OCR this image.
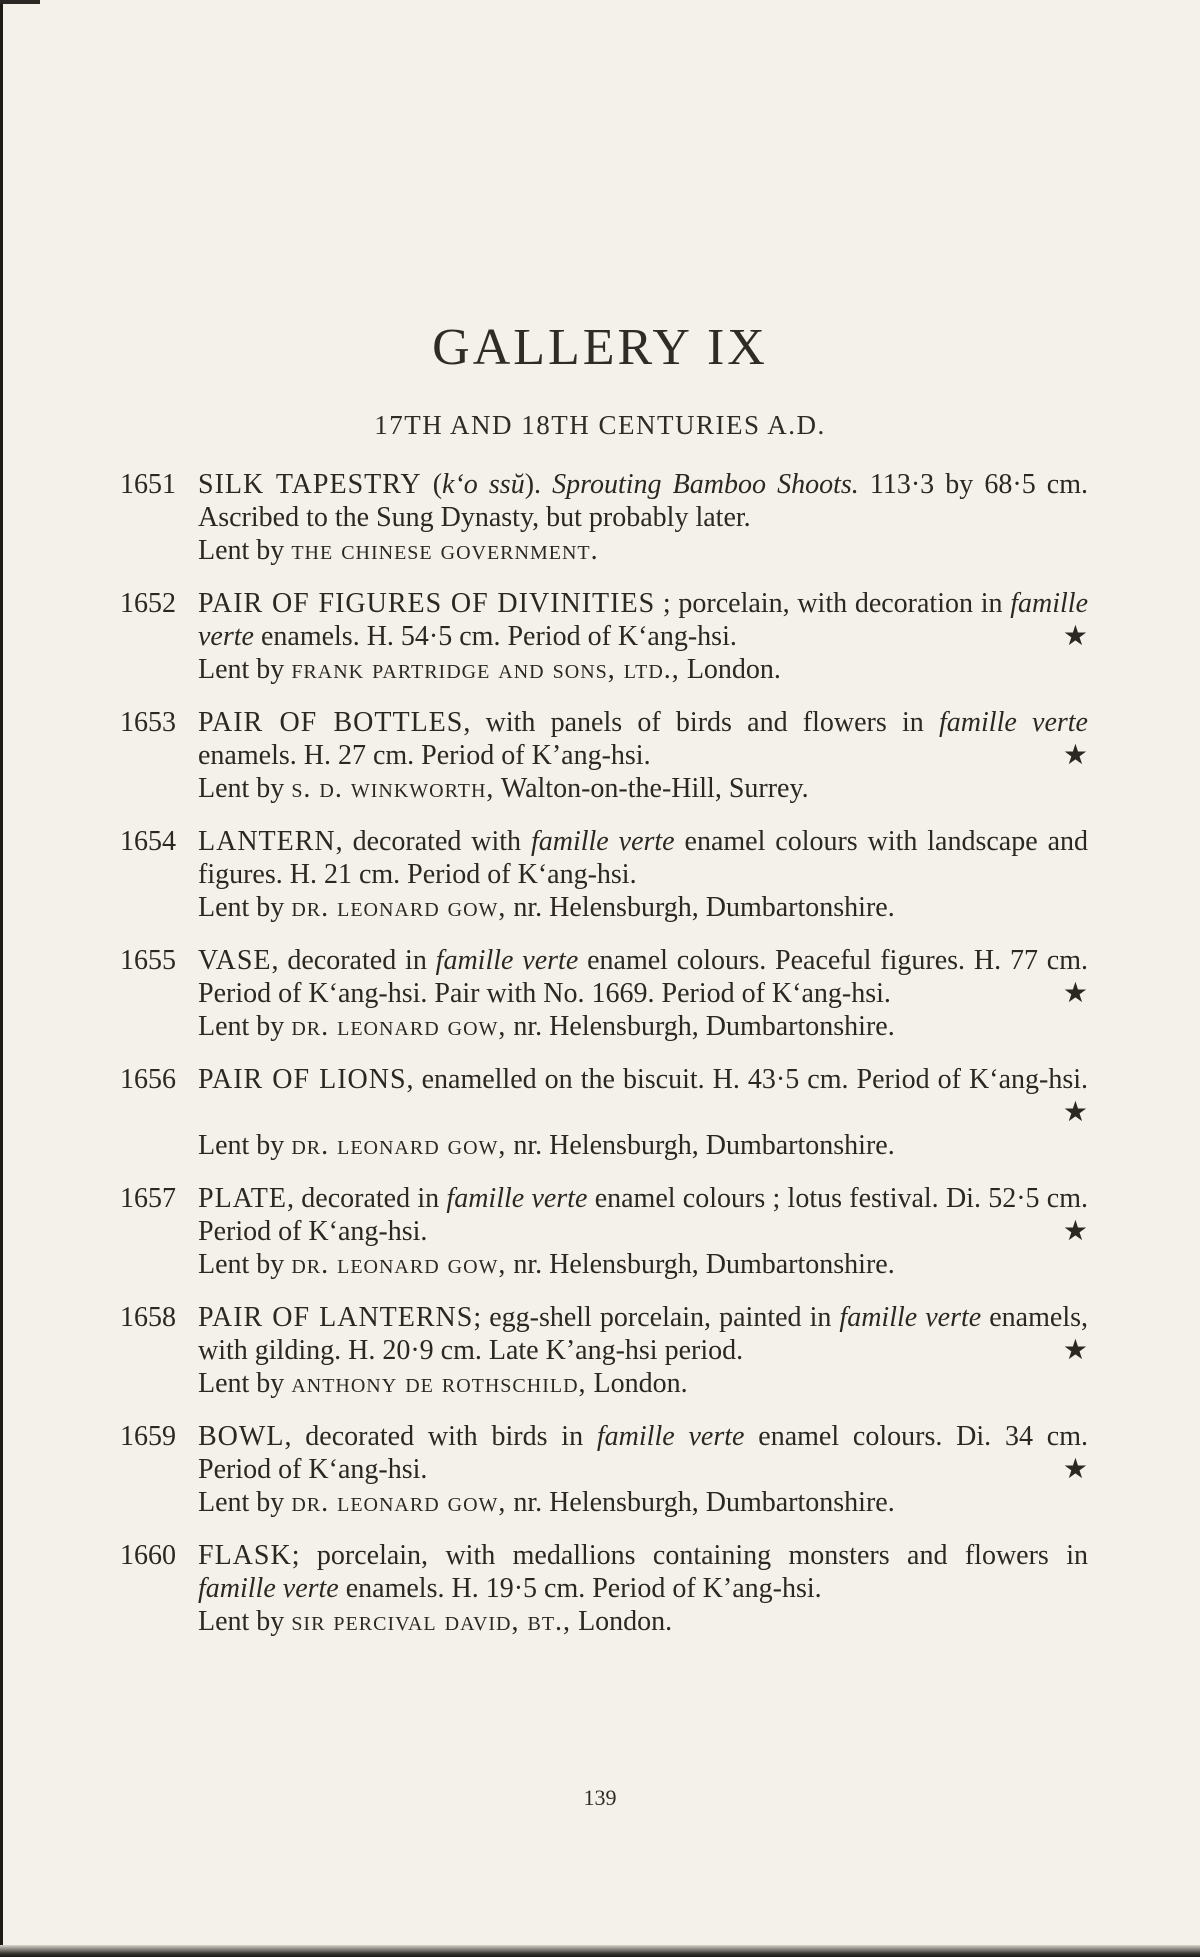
GALLERY IX

17TH AND 18TH CENTURIES A.D.

1651 SILK TAPESTRY (k‘o ssŭ). Sprouting Bamboo Shoots. 113·3 by 68·5 cm. Ascribed to the Sung Dynasty, but probably later.
Lent by the chinese government.
1652 PAIR OF FIGURES OF DIVINITIES ; porcelain, with decoration in famille verte enamels. H. 54·5 cm. Period of K‘ang-hsi.	★
Lent by frank partridge and sons, ltd., London.
1653 PAIR OF BOTTLES, with panels of birds and flowers in famille verte enamels. H. 27 cm. Period of K’ang-hsi.	★
Lent by s. d. winkworth, Walton-on-the-Hill, Surrey.
1654 LANTERN, decorated with famille verte enamel colours with landscape and figures. H. 21 cm. Period of K‘ang-hsi.
Lent by dr. leonard gow, nr. Helensburgh, Dumbartonshire.
1655 VASE, decorated in famille verte enamel colours. Peaceful figures. H. 77 cm. Period of K‘ang-hsi. Pair with No. 1669. Period of K‘ang-hsi.	★
Lent by dr. leonard gow, nr. Helensburgh, Dumbartonshire.
1656 PAIR OF LIONS, enamelled on the biscuit. H. 43·5 cm. Period of K‘ang-hsi.
★
Lent by dr. leonard gow, nr. Helensburgh, Dumbartonshire.
1657 PLATE, decorated in famille verte enamel colours ; lotus festival. Di. 52·5 cm. Period of K‘ang-hsi.	★
Lent by dr. leonard gow, nr. Helensburgh, Dumbartonshire.
1658 PAIR OF LANTERNS; egg-shell porcelain, painted in famille verte enamels, with gilding. H. 20·9 cm. Late K’ang-hsi period.	★
Lent by anthony de rothschild, London.
1659 BOWL, decorated with birds in famille verte enamel colours. Di. 34 cm. Period of K‘ang-hsi.	★
Lent by dr. leonard gow, nr. Helensburgh, Dumbartonshire.
1660 FLASK; porcelain, with medallions containing monsters and flowers in famille verte enamels. H. 19·5 cm. Period of K’ang-hsi.
Lent by sir percival david, bt., London.
139
